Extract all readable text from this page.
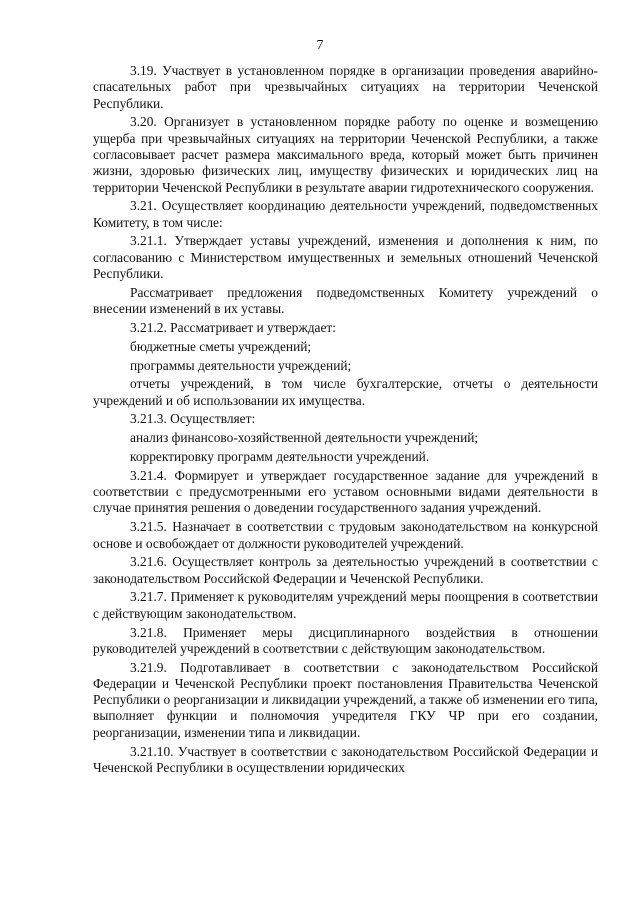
7

3.19. Участвует в установленном порядке в организации проведения аварийно-спасательных работ при чрезвычайных ситуациях на территории Чеченской Республики.

3.20. Организует в установленном порядке работу по оценке и возмещению ущерба при чрезвычайных ситуациях на территории Чеченской Республики, а также согласовывает расчет размера максимального вреда, который может быть причинен жизни, здоровью физических лиц, имуществу физических и юридических лиц на территории Чеченской Республики в результате аварии гидротехнического сооружения.

3.21. Осуществляет координацию деятельности учреждений, подведомственных Комитету, в том числе:

3.21.1. Утверждает уставы учреждений, изменения и дополнения к ним, по согласованию с Министерством имущественных и земельных отношений Чеченской Республики.

Рассматривает предложения подведомственных Комитету учреждений о внесении изменений в их уставы.

3.21.2. Рассматривает и утверждает:

бюджетные сметы учреждений;

программы деятельности учреждений;

отчеты учреждений, в том числе бухгалтерские, отчеты о деятельности учреждений и об использовании их имущества.

3.21.3. Осуществляет:

анализ финансово-хозяйственной деятельности учреждений;

корректировку программ деятельности учреждений.

3.21.4. Формирует и утверждает государственное задание для учреждений в соответствии с предусмотренными его уставом основными видами деятельности в случае принятия решения о доведении государственного задания учреждений.

3.21.5. Назначает в соответствии с трудовым законодательством на конкурсной основе и освобождает от должности руководителей учреждений.

3.21.6. Осуществляет контроль за деятельностью учреждений в соответствии с законодательством Российской Федерации и Чеченской Республики.

3.21.7. Применяет к руководителям учреждений меры поощрения в соответствии с действующим законодательством.

3.21.8. Применяет меры дисциплинарного воздействия в отношении руководителей учреждений в соответствии с действующим законодательством.

3.21.9. Подготавливает в соответствии с законодательством Российской Федерации и Чеченской Республики проект постановления Правительства Чеченской Республики о реорганизации и ликвидации учреждений, а также об изменении его типа, выполняет функции и полномочия учредителя ГКУ ЧР при его создании, реорганизации, изменении типа и ликвидации.

3.21.10. Участвует в соответствии с законодательством Российской Федерации и Чеченской Республики в осуществлении юридических
